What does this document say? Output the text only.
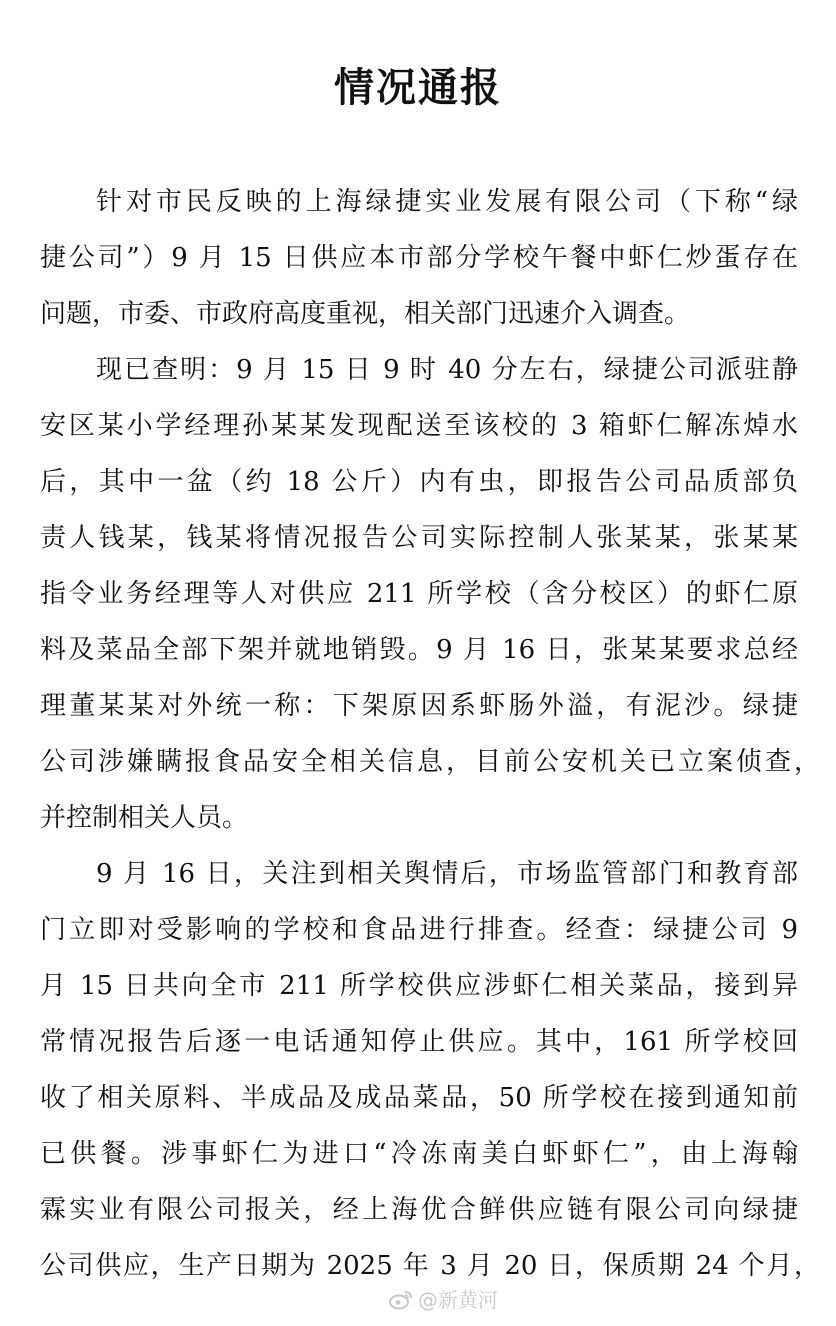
情况通报
针对市民反映的上海绿捷实业发展有限公司（下称“绿
捷公司”）9 月 15 日供应本市部分学校午餐中虾仁炒蛋存在
问题，市委、市政府高度重视，相关部门迅速介入调查。
现已查明：9 月 15 日 9 时 40 分左右，绿捷公司派驻静
安区某小学经理孙某某发现配送至该校的 3 箱虾仁解冻焯水
后，其中一盆（约 18 公斤）内有虫，即报告公司品质部负
责人钱某，钱某将情况报告公司实际控制人张某某，张某某
指令业务经理等人对供应 211 所学校（含分校区）的虾仁原
料及菜品全部下架并就地销毁。9 月 16 日，张某某要求总经
理董某某对外统一称：下架原因系虾肠外溢，有泥沙。绿捷
公司涉嫌瞒报食品安全相关信息，目前公安机关已立案侦查，
并控制相关人员。
9 月 16 日，关注到相关舆情后，市场监管部门和教育部
门立即对受影响的学校和食品进行排查。经查：绿捷公司 9
月 15 日共向全市 211 所学校供应涉虾仁相关菜品，接到异
常情况报告后逐一电话通知停止供应。其中，161 所学校回
收了相关原料、半成品及成品菜品，50 所学校在接到通知前
已供餐。涉事虾仁为进口“冷冻南美白虾虾仁”，由上海翰
霖实业有限公司报关，经上海优合鲜供应链有限公司向绿捷
公司供应，生产日期为 2025 年 3 月 20 日，保质期 24 个月，
@新黄河
